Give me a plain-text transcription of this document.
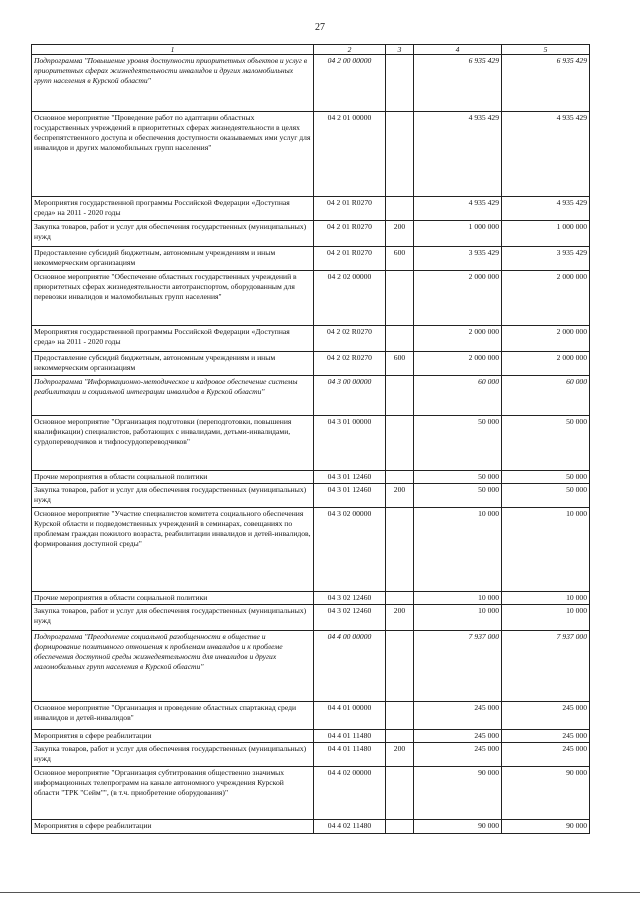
27
1	2	3	4	5
Подпрограмма "Повышение уровня доступности приоритетных объектов и услуг в приоритетных сферах жизнедеятельности инвалидов и других маломобильных групп населения в Курской области"	04 2 00 00000		6 935 429	6 935 429
Основное мероприятие "Проведение работ по адаптации областных государственных учреждений в приоритетных сферах жизнедеятельности в целях беспрепятственного доступа и обеспечения доступности оказываемых ими услуг для инвалидов и других маломобильных групп населения"	04 2 01 00000		4 935 429	4 935 429
Мероприятия государственной программы Российской Федерации «Доступная среда» на 2011 - 2020 годы	04 2 01 R0270		4 935 429	4 935 429
Закупка товаров, работ и услуг для обеспечения государственных (муниципальных) нужд	04 2 01 R0270	200	1 000 000	1 000 000
Предоставление субсидий бюджетным, автономным учреждениям и иным некоммерческим организациям	04 2 01 R0270	600	3 935 429	3 935 429
Основное мероприятие "Обеспечение областных государственных учреждений в приоритетных сферах жизнедеятельности автотранспортом, оборудованным для перевозки инвалидов и маломобильных групп населения"	04 2 02 00000		2 000 000	2 000 000
Мероприятия государственной программы Российской Федерации «Доступная среда» на 2011 - 2020 годы	04 2 02 R0270		2 000 000	2 000 000
Предоставление субсидий бюджетным, автономным учреждениям и иным некоммерческим организациям	04 2 02 R0270	600	2 000 000	2 000 000
Подпрограмма "Информационно-методическое и кадровое обеспечение системы реабилитации и социальной интеграции инвалидов в Курской области"	04 3 00 00000		60 000	60 000
Основное мероприятие "Организация подготовки (переподготовки, повышения квалификации) специалистов, работающих с инвалидами, детьми-инвалидами, сурдопереводчиков и тифлосурдопереводчиков"	04 3 01 00000		50 000	50 000
Прочие мероприятия в области социальной политики	04 3 01 12460		50 000	50 000
Закупка товаров, работ и услуг для обеспечения государственных (муниципальных) нужд	04 3 01 12460	200	50 000	50 000
Основное мероприятие "Участие специалистов комитета социального обеспечения Курской области и подведомственных учреждений в семинарах, совещаниях по проблемам граждан пожилого возраста, реабилитации инвалидов и детей-инвалидов, формирования доступной среды"	04 3 02 00000		10 000	10 000
Прочие мероприятия в области социальной политики	04 3 02 12460		10 000	10 000
Закупка товаров, работ и услуг для обеспечения государственных (муниципальных) нужд	04 3 02 12460	200	10 000	10 000
Подпрограмма "Преодоление социальной разобщенности в обществе и формирование позитивного отношения к проблемам инвалидов и к проблеме обеспечения доступной среды жизнедеятельности для инвалидов и других маломобильных групп населения в Курской области"	04 4 00 00000		7 937 000	7 937 000
Основное мероприятие "Организация и проведение областных спартакиад среди инвалидов и детей-инвалидов"	04 4 01 00000		245 000	245 000
Мероприятия в сфере реабилитации	04 4 01 11480		245 000	245 000
Закупка товаров, работ и услуг для обеспечения государственных (муниципальных) нужд	04 4 01 11480	200	245 000	245 000
Основное мероприятие "Организация субтитрования общественно значимых информационных телепрограмм на канале автономного учреждения Курской области "ТРК "Сейм"", (в т.ч. приобретение оборудования)"	04 4 02 00000		90 000	90 000
Мероприятия в сфере реабилитации	04 4 02 11480		90 000	90 000
